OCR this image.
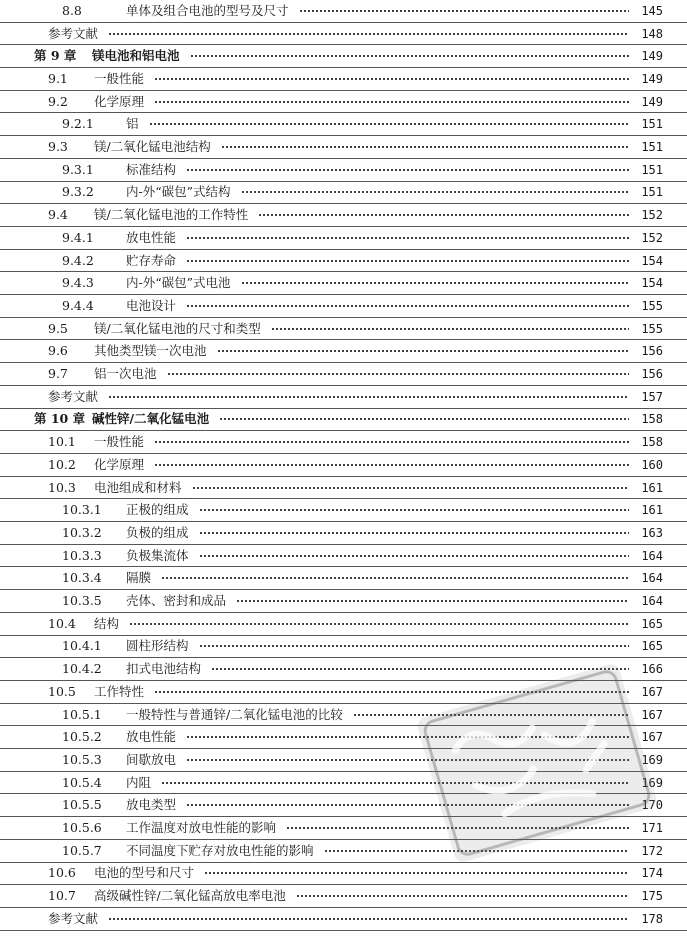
8.8	单体及组合电池的型号及尺寸	145
参考文献	148
第 9 章	镁电池和铝电池	149
9.1	一般性能	149
9.2	化学原理	149
9.2.1	铝	151
9.3	镁/二氧化锰电池结构	151
9.3.1	标准结构	151
9.3.2	内-外“碳包”式结构	151
9.4	镁/二氧化锰电池的工作特性	152
9.4.1	放电性能	152
9.4.2	贮存寿命	154
9.4.3	内-外“碳包”式电池	154
9.4.4	电池设计	155
9.5	镁/二氧化锰电池的尺寸和类型	155
9.6	其他类型镁一次电池	156
9.7	铝一次电池	156
参考文献	157
第 10 章 碱性锌/二氧化锰电池	158
10.1	一般性能	158
10.2	化学原理	160
10.3	电池组成和材料	161
10.3.1	正极的组成	161
10.3.2	负极的组成	163
10.3.3	负极集流体	164
10.3.4	隔膜	164
10.3.5	壳体、密封和成品	164
10.4	结构	165
10.4.1	圆柱形结构	165
10.4.2	扣式电池结构	166
10.5	工作特性	167
10.5.1	一般特性与普通锌/二氧化锰电池的比较	167
10.5.2	放电性能	167
10.5.3	间歇放电	169
10.5.4	内阻	169
10.5.5	放电类型	170
10.5.6	工作温度对放电性能的影响	171
10.5.7	不同温度下贮存对放电性能的影响	172
10.6	电池的型号和尺寸	174
10.7	高级碱性锌/二氧化锰高放电率电池	175
参考文献	178
